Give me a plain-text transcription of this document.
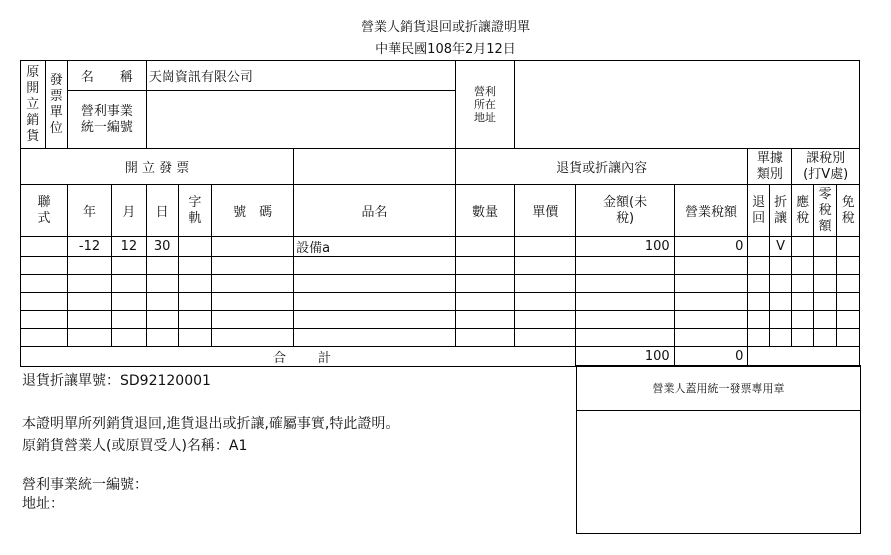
營業人銷貨退回或折讓證明單
中華民國108年2月12日
原開立銷貨	發票單位	名　　稱		天崗資訊有限公司				營利所在地址								
		營利事業統一編號														
開 立 發 票								退貨或折讓內容				單據類別		課稅別(打V處)		
聯式		年	月	日	字軌	號　碼	品名	數量	單價	金額(未稅)	營業稅額	退回	折讓	應稅	零稅額	免稅
		-12	12	30			設備a			100	0		V			

合 計										100	0					
退貨折讓單號：SD92120001
本證明單所列銷貨退回,進貨退出或折讓,確屬事實,特此證明。
原銷貨營業人(或原買受人)名稱：A1
營利事業統一編號：
地址：
營業人蓋用統一發票專用章
